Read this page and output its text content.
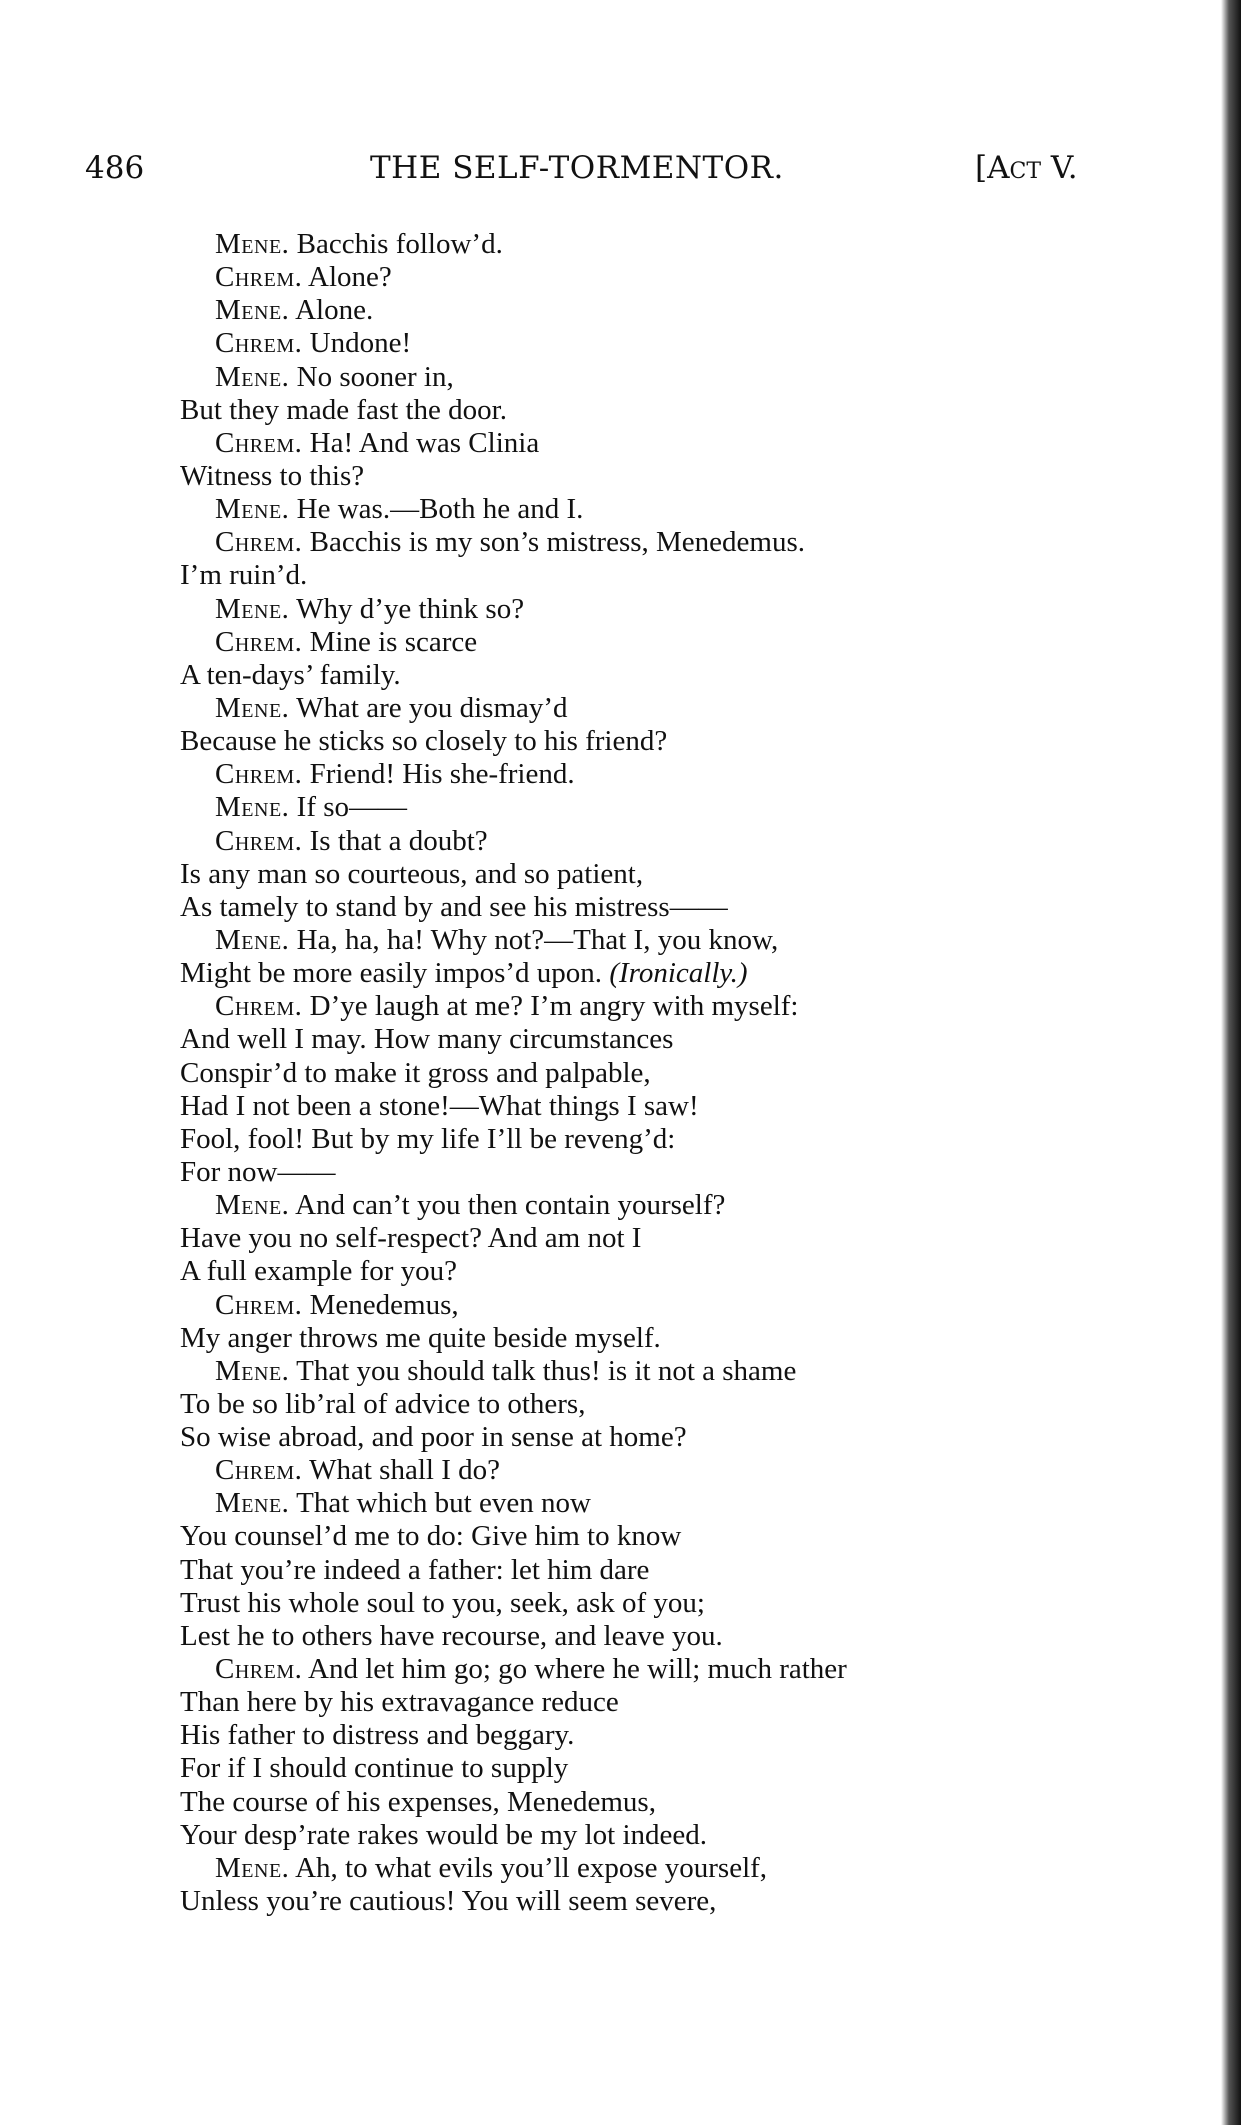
486	THE SELF-TORMENTOR.	[Act V.
Mene. Bacchis follow’d.
Chrem. Alone?
Mene. Alone.
Chrem. Undone!
Mene. No sooner in,
But they made fast the door.
Chrem. Ha! And was Clinia
Witness to this?
Mene. He was.—Both he and I.
Chrem. Bacchis is my son’s mistress, Menedemus.
I’m ruin’d.
Mene. Why d’ye think so?
Chrem. Mine is scarce
A ten-days’ family.
Mene. What are you dismay’d
Because he sticks so closely to his friend?
Chrem. Friend! His she-friend.
Mene. If so——
Chrem. Is that a doubt?
Is any man so courteous, and so patient,
As tamely to stand by and see his mistress——
Mene. Ha, ha, ha! Why not?—That I, you know,
Might be more easily impos’d upon. (Ironically.)
Chrem. D’ye laugh at me? I’m angry with myself:
And well I may. How many circumstances
Conspir’d to make it gross and palpable,
Had I not been a stone!—What things I saw!
Fool, fool! But by my life I’ll be reveng’d:
For now——
Mene. And can’t you then contain yourself?
Have you no self-respect? And am not I
A full example for you?
Chrem. Menedemus,
My anger throws me quite beside myself.
Mene. That you should talk thus! is it not a shame
To be so lib’ral of advice to others,
So wise abroad, and poor in sense at home?
Chrem. What shall I do?
Mene. That which but even now
You counsel’d me to do: Give him to know
That you’re indeed a father: let him dare
Trust his whole soul to you, seek, ask of you;
Lest he to others have recourse, and leave you.
Chrem. And let him go; go where he will; much rather
Than here by his extravagance reduce
His father to distress and beggary.
For if I should continue to supply
The course of his expenses, Menedemus,
Your desp’rate rakes would be my lot indeed.
Mene. Ah, to what evils you’ll expose yourself,
Unless you’re cautious! You will seem severe,
